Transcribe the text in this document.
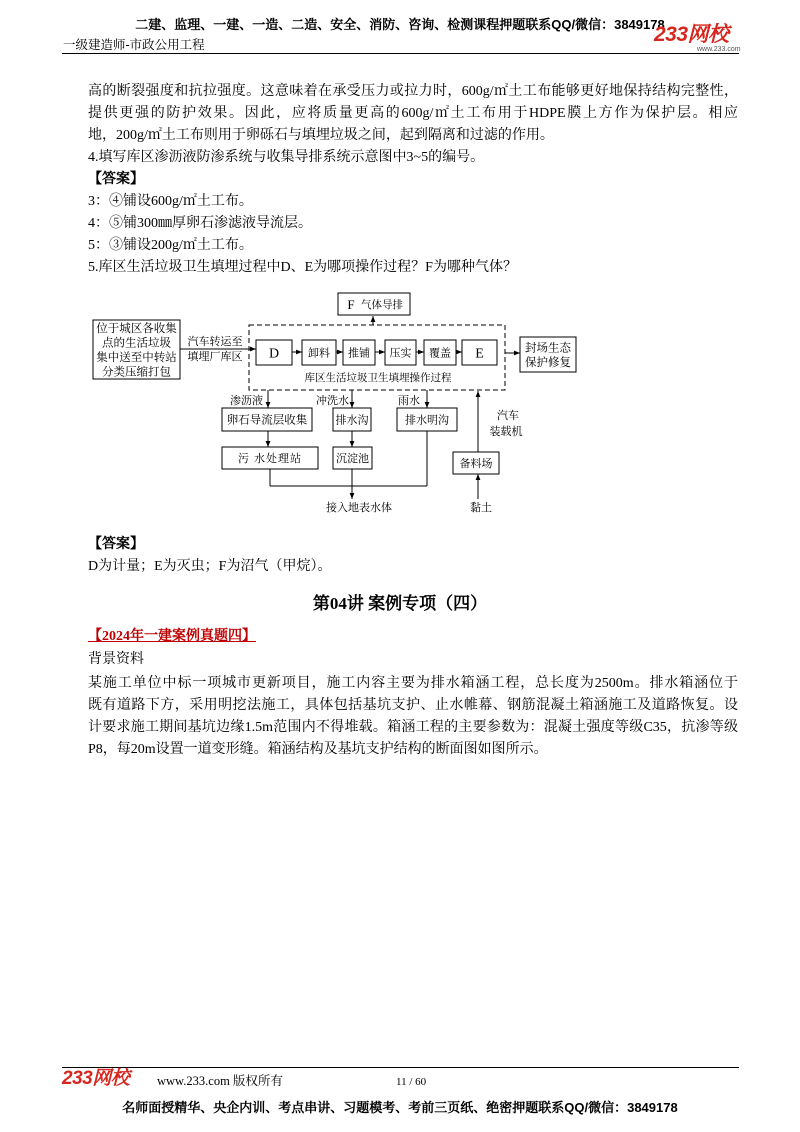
二建、监理、一建、一造、二造、安全、消防、咨询、检测课程押题联系QQ/微信：3849178
一级建造师-市政公用工程	233网校
www.233.com
高的断裂强度和抗拉强度。这意味着在承受压力或拉力时，600g/㎡土工布能够更好地保持结构完整性，
提供更强的防护效果。因此，应将质量更高的600g/㎡土工布用于HDPE膜上方作为保护层。相应
地，200g/㎡土工布则用于卵砾石与填埋垃圾之间，起到隔离和过滤的作用。
4.填写库区渗沥液防渗系统与收集导排系统示意图中3~5的编号。
【答案】
3：④铺设600g/㎡土工布。
4：⑤铺300㎜厚卵石渗滤液导流层。
5：③铺设200g/㎡土工布。
5.库区生活垃圾卫生填埋过程中D、E为哪项操作过程？F为哪种气体？
F 气体导排
位于城区各收集
点的生活垃圾
集中送至中转站
分类压缩打包
汽车转运至
填埋厂库区 D	卸料 推铺 压实 覆盖 E
库区生活垃圾卫生填埋操作过程
封场生态
保护修复
渗沥液	冲洗水	雨水
卵石导流层收集	排水沟	排水明沟
污 水处理站	沉淀池
接入地表水体
汽车
装载机
备料场
黏土
【答案】
D为计量；E为灭虫；F为沼气（甲烷）。
第04讲 案例专项（四）
【2024年一建案例真题四】
背景资料
某施工单位中标一项城市更新项目，施工内容主要为排水箱涵工程，总长度为2500m。排水箱涵位于
既有道路下方，采用明挖法施工，具体包括基坑支护、止水帷幕、钢筋混凝土箱涵施工及道路恢复。设
计要求施工期间基坑边缘1.5m范围内不得堆载。箱涵工程的主要参数为：混凝土强度等级C35，抗渗等级
P8，每20m设置一道变形缝。箱涵结构及基坑支护结构的断面图如图所示。
233网校 www.233.com 版权所有	11 / 60
名师面授精华、央企内训、考点串讲、习题模考、考前三页纸、绝密押题联系QQ/微信：3849178
